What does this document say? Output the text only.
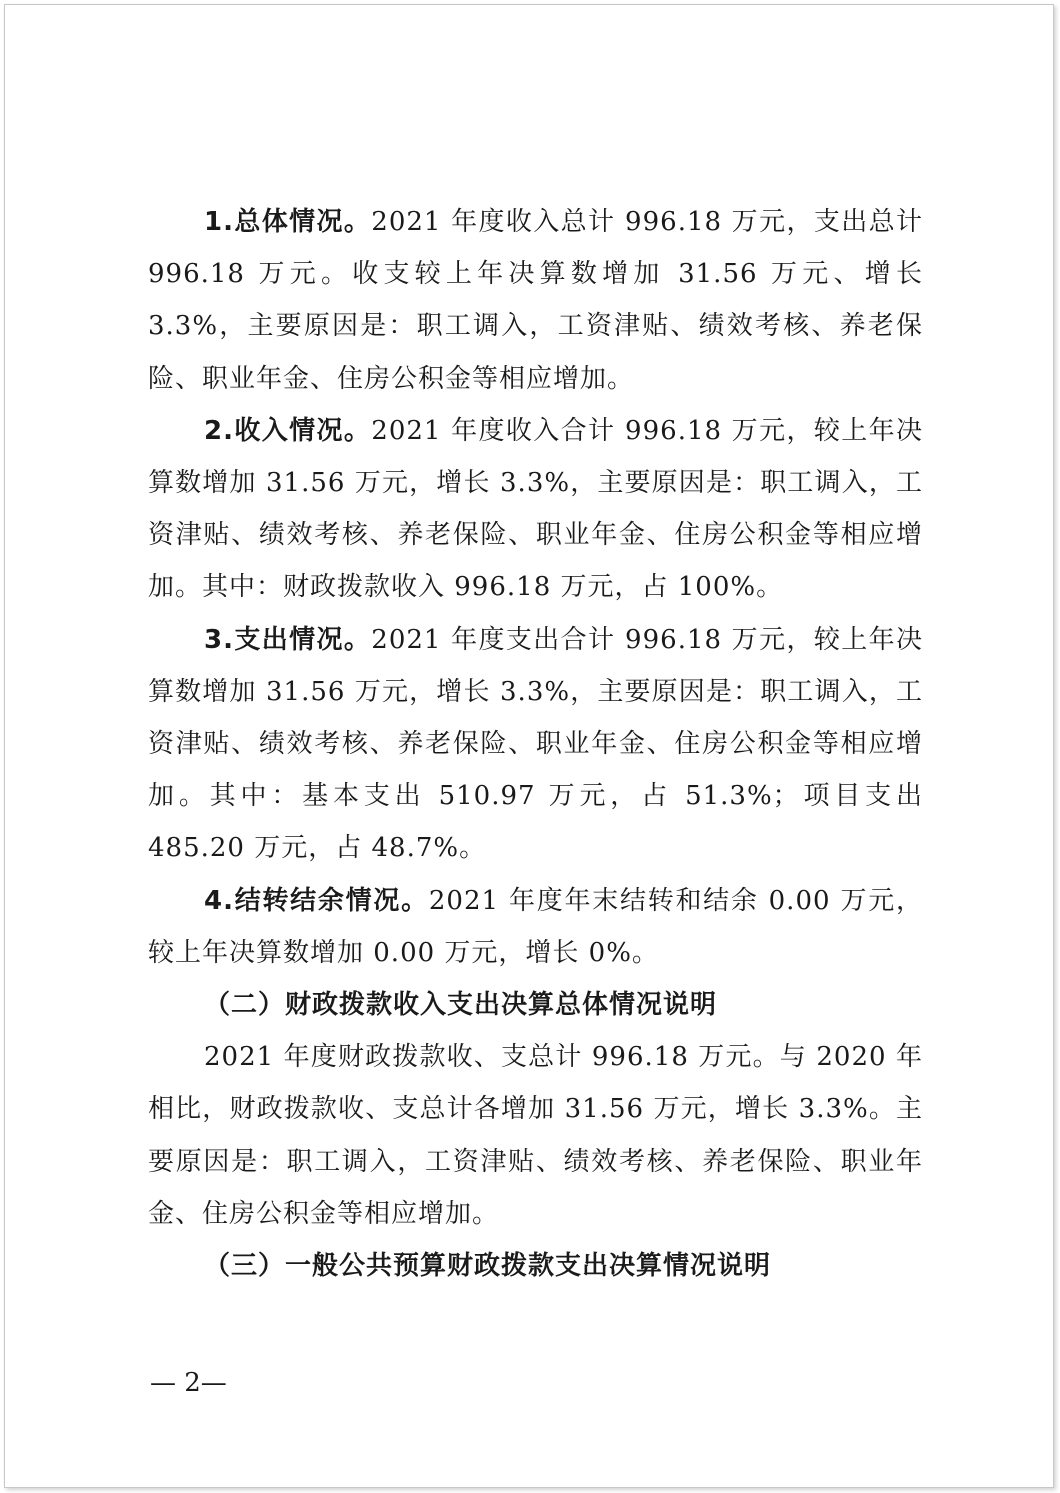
1.总体情况。2021 年度收入总计 996.18 万元，支出总计 996.18 万元。收支较上年决算数增加 31.56 万元、增长 3.3%，主要原因是：职工调入，工资津贴、绩效考核、养老保险、职业年金、住房公积金等相应增加。

2.收入情况。2021 年度收入合计 996.18 万元，较上年决算数增加 31.56 万元，增长 3.3%，主要原因是：职工调入，工资津贴、绩效考核、养老保险、职业年金、住房公积金等相应增加。其中：财政拨款收入 996.18 万元，占 100%。

3.支出情况。2021 年度支出合计 996.18 万元，较上年决算数增加 31.56 万元，增长 3.3%，主要原因是：职工调入，工资津贴、绩效考核、养老保险、职业年金、住房公积金等相应增加。其中：基本支出 510.97 万元，占 51.3%；项目支出 485.20 万元，占 48.7%。

4.结转结余情况。2021 年度年末结转和结余 0.00 万元，较上年决算数增加 0.00 万元，增长 0%。

（二）财政拨款收入支出决算总体情况说明

2021 年度财政拨款收、支总计 996.18 万元。与 2020 年相比，财政拨款收、支总计各增加 31.56 万元，增长 3.3%。主要原因是：职工调入，工资津贴、绩效考核、养老保险、职业年金、住房公积金等相应增加。

（三）一般公共预算财政拨款支出决算情况说明

— 2—
